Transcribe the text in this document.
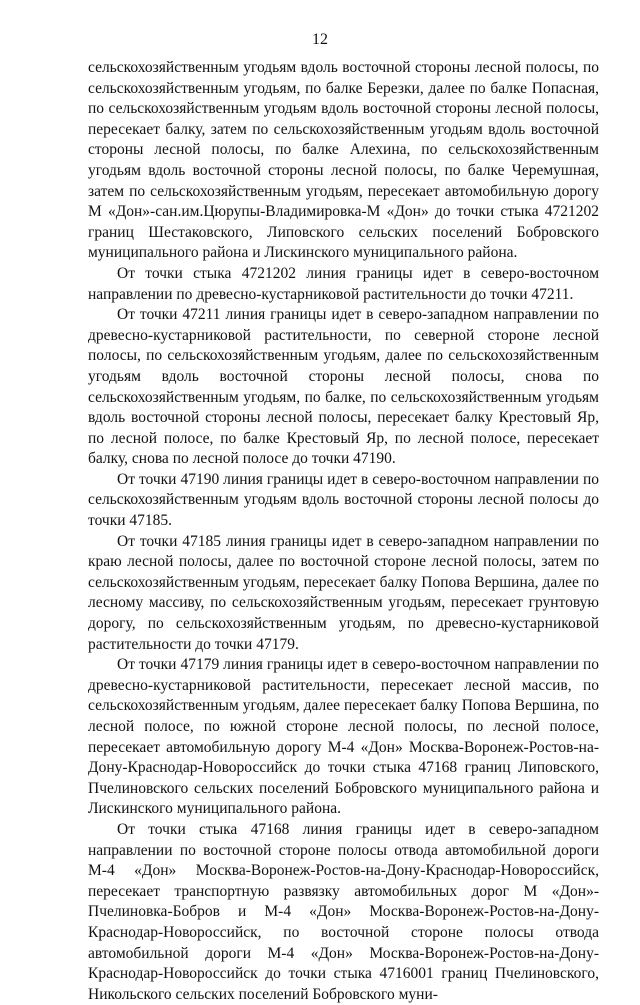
12

сельскохозяйственным угодьям вдоль восточной стороны лесной полосы, по сельскохозяйственным угодьям, по балке Березки, далее по балке Попасная, по сельскохозяйственным угодьям вдоль восточной стороны лесной полосы, пересекает балку, затем по сельскохозяйственным угодьям вдоль восточной стороны лесной полосы, по балке Алехина, по сельскохозяйственным угодьям вдоль восточной стороны лесной полосы, по балке Черемушная, затем по сельскохозяйственным угодьям, пересекает автомобильную дорогу М «Дон»-сан.им.Цюрупы-Владимировка-М «Дон» до точки стыка 4721202 границ Шестаковского, Липовского сельских поселений Бобровского муниципального района и Лискинского муниципального района.

От точки стыка 4721202 линия границы идет в северо-восточном направлении по древесно-кустарниковой растительности до точки 47211.

От точки 47211 линия границы идет в северо-западном направлении по древесно-кустарниковой растительности, по северной стороне лесной полосы, по сельскохозяйственным угодьям, далее по сельскохозяйственным угодьям вдоль восточной стороны лесной полосы, снова по сельскохозяйственным угодьям, по балке, по сельскохозяйственным угодьям вдоль восточной стороны лесной полосы, пересекает балку Крестовый Яр, по лесной полосе, по балке Крестовый Яр, по лесной полосе, пересекает балку, снова по лесной полосе до точки 47190.

От точки 47190 линия границы идет в северо-восточном направлении по сельскохозяйственным угодьям вдоль восточной стороны лесной полосы до точки 47185.

От точки 47185 линия границы идет в северо-западном направлении по краю лесной полосы, далее по восточной стороне лесной полосы, затем по сельскохозяйственным угодьям, пересекает балку Попова Вершина, далее по лесному массиву, по сельскохозяйственным угодьям, пересекает грунтовую дорогу, по сельскохозяйственным угодьям, по древесно-кустарниковой растительности до точки 47179.

От точки 47179 линия границы идет в северо-восточном направлении по древесно-кустарниковой растительности, пересекает лесной массив, по сельскохозяйственным угодьям, далее пересекает балку Попова Вершина, по лесной полосе, по южной стороне лесной полосы, по лесной полосе, пересекает автомобильную дорогу М-4 «Дон» Москва-Воронеж-Ростов-на-Дону-Краснодар-Новороссийск до точки стыка 47168 границ Липовского, Пчелиновского сельских поселений Бобровского муниципального района и Лискинского муниципального района.

От точки стыка 47168 линия границы идет в северо-западном направлении по восточной стороне полосы отвода автомобильной дороги М-4 «Дон» Москва-Воронеж-Ростов-на-Дону-Краснодар-Новороссийск, пересекает транспортную развязку автомобильных дорог М «Дон»-Пчелиновка-Бобров и М-4 «Дон» Москва-Воронеж-Ростов-на-Дону-Краснодар-Новороссийск, по восточной стороне полосы отвода автомобильной дороги М-4 «Дон» Москва-Воронеж-Ростов-на-Дону-Краснодар-Новороссийск до точки стыка 4716001 границ Пчелиновского, Никольского сельских поселений Бобровского муни-
